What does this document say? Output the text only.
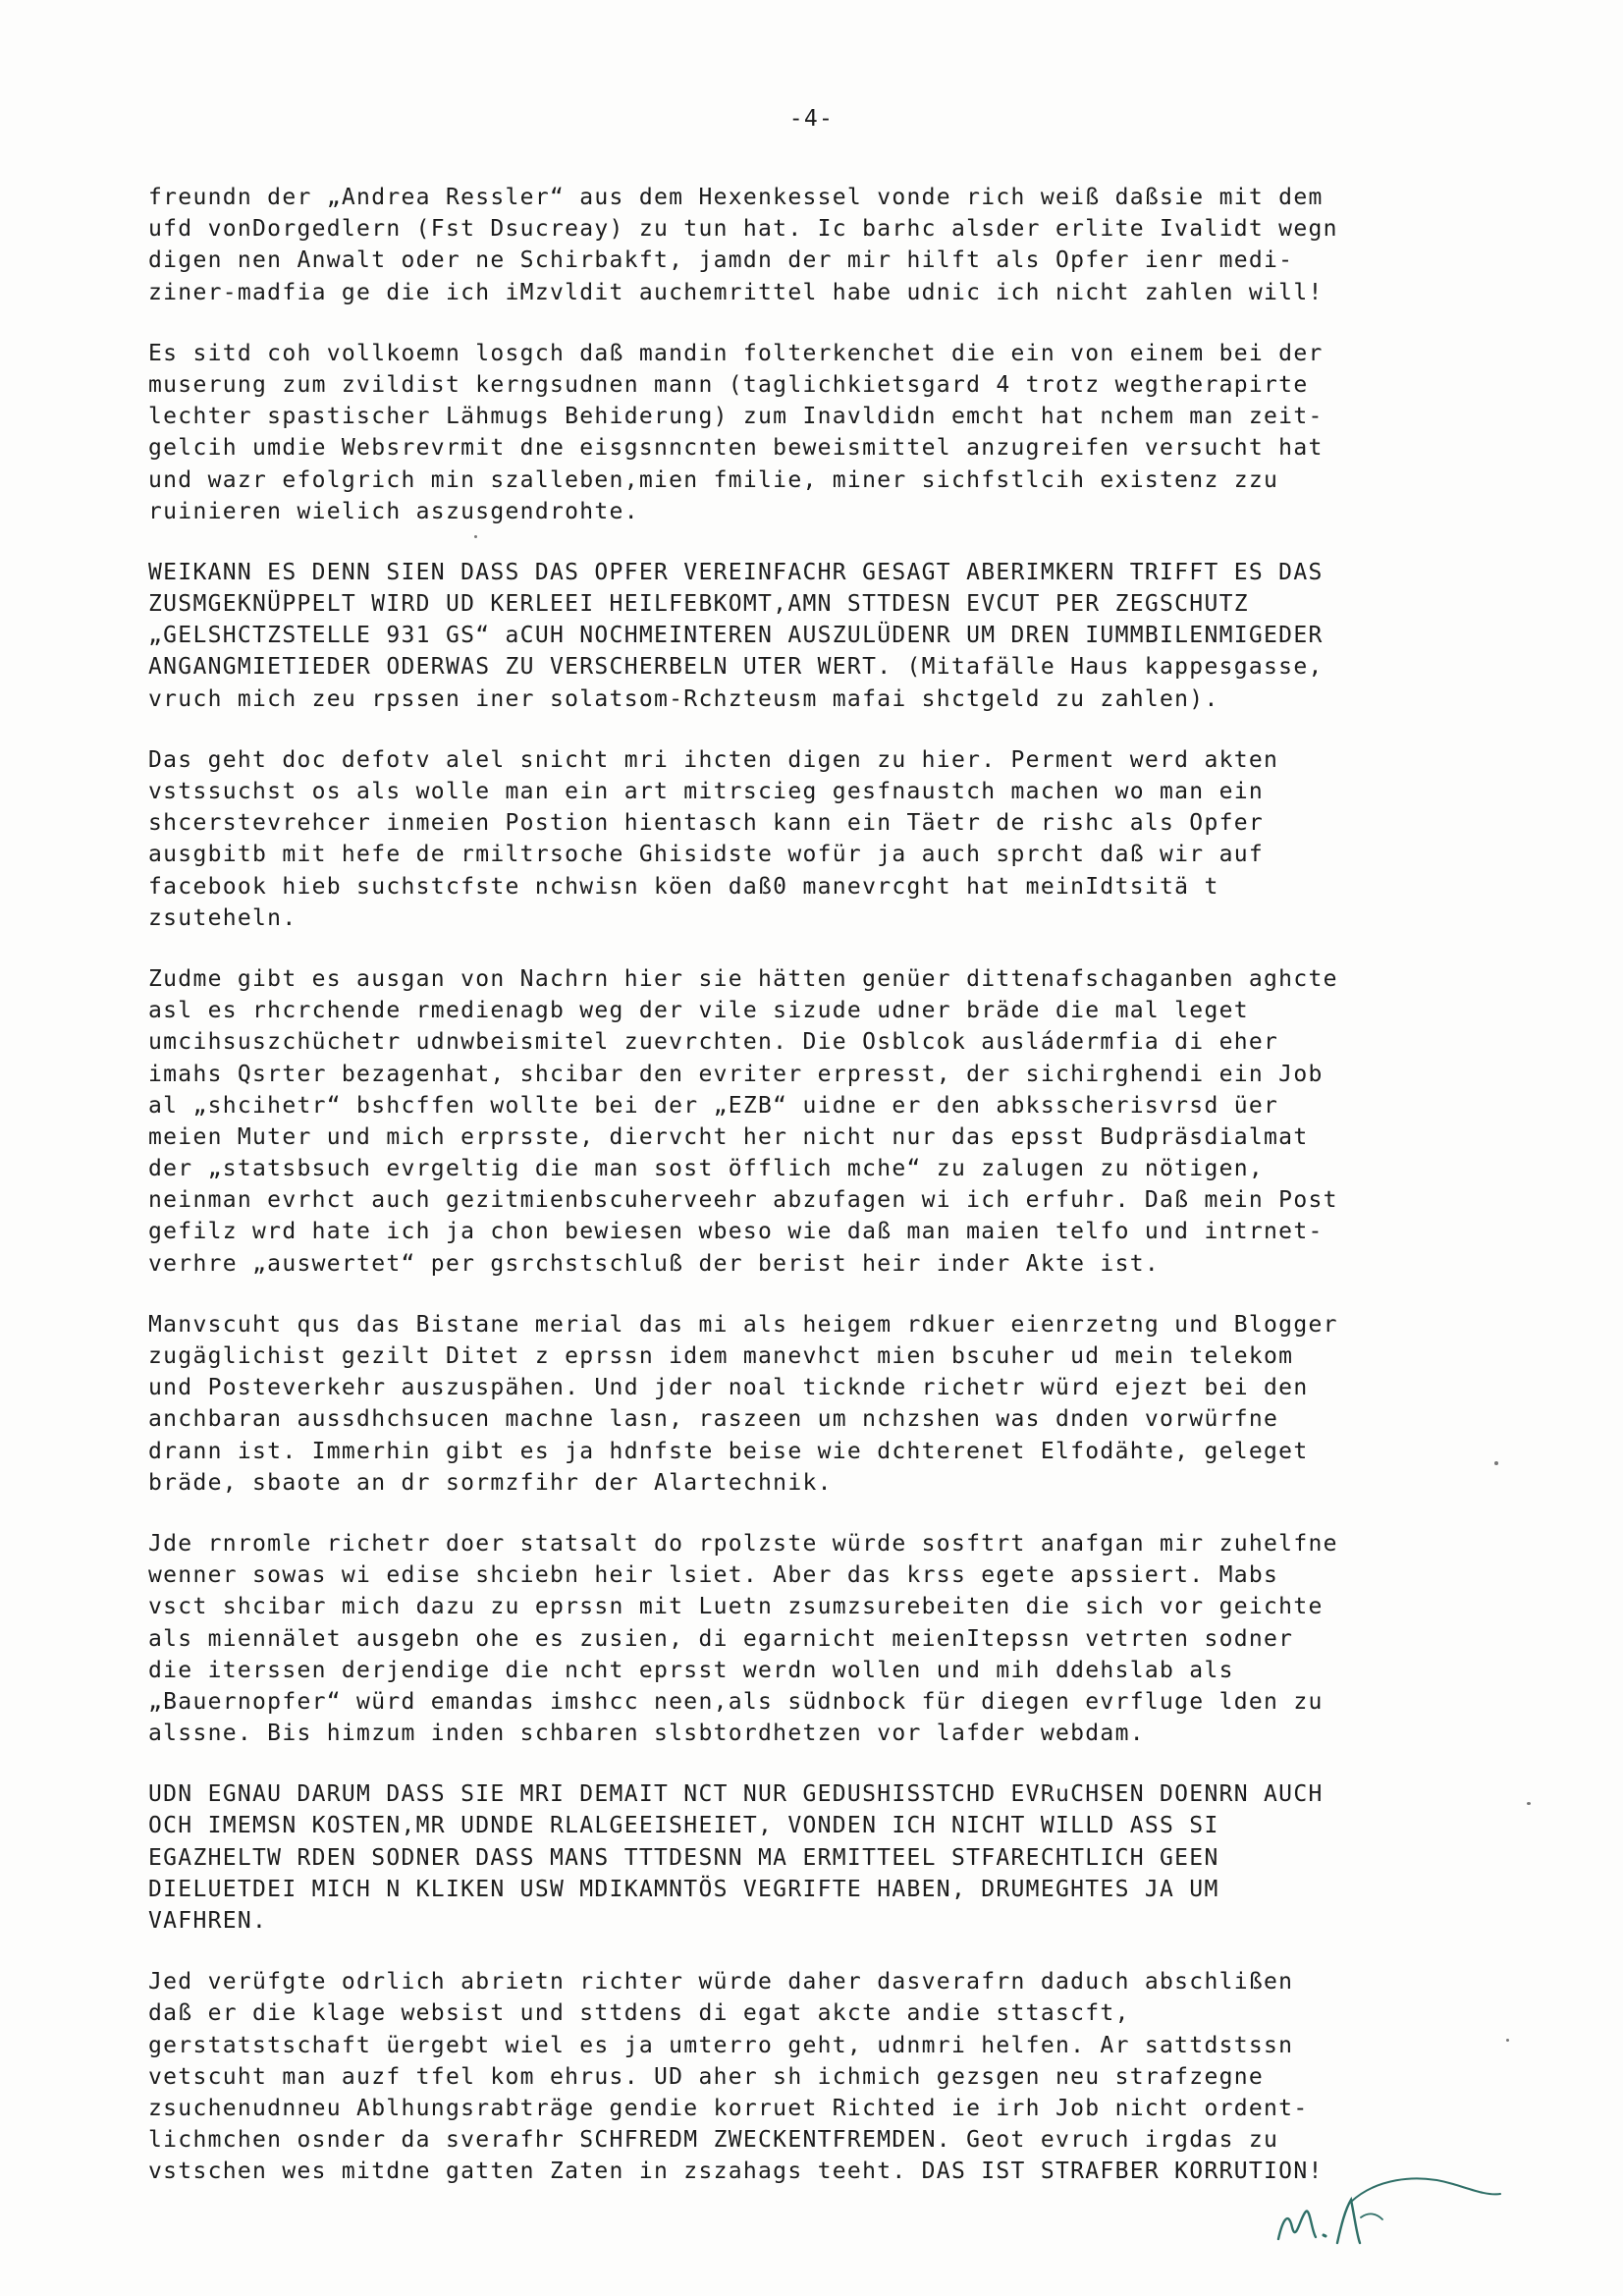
-4-
freundn der „Andrea Ressler“ aus dem Hexenkessel vonde rich weiß daßsie mit dem
ufd vonDorgedlern (Fst Dsucreay) zu tun hat. Ic barhc alsder erlite Ivalidt wegn
digen nen Anwalt oder ne Schirbakft, jamdn der mir hilft als Opfer ienr medi-
ziner-madfia ge die ich iMzvldit auchemrittel habe udnic ich nicht zahlen will!
Es sitd coh vollkoemn losgch daß mandin folterkenchet die ein von einem bei der
muserung zum zvildist kerngsudnen mann (taglichkietsgard 4 trotz wegtherapirte
lechter spastischer Lähmugs Behiderung) zum Inavldidn emcht hat nchem man zeit-
gelcih umdie Websrevrmit dne eisgsnncnten beweismittel anzugreifen versucht hat
und wazr efolgrich min szalleben,mien fmilie, miner sichfstlcih existenz zzu
ruinieren wielich aszusgendrohte.
WEIKANN ES DENN SIEN DASS DAS OPFER VEREINFACHR GESAGT ABERIMKERN TRIFFT ES DAS
ZUSMGEKNÜPPELT WIRD UD KERLEEI HEILFEBKOMT,AMN STTDESN EVCUT PER ZEGSCHUTZ
„GELSHCTZSTELLE 931 GS“ aCUH NOCHMEINTEREN AUSZULÜDENR UM DREN IUMMBILENMIGEDER
ANGANGMIETIEDER ODERWAS ZU VERSCHERBELN UTER WERT. (Mitafälle Haus kappesgasse,
vruch mich zeu rpssen iner solatsom-Rchzteusm mafai shctgeld zu zahlen).
Das geht doc defotv alel snicht mri ihcten digen zu hier. Perment werd akten
vstssuchst os als wolle man ein art mitrscieg gesfnaustch machen wo man ein
shcerstevrehcer inmeien Postion hientasch kann ein Täetr de rishc als Opfer
ausgbitb mit hefe de rmiltrsoche Ghisidste wofür ja auch sprcht daß wir auf
facebook hieb suchstcfste nchwisn köen daß0 manevrcght hat meinIdtsitä t
zsuteheln.
Zudme gibt es ausgan von Nachrn hier sie hätten genüer dittenafschaganben aghcte
asl es rhcrchende rmedienagb weg der vile sizude udner bräde die mal leget
umcihsuszchüchetr udnwbeismitel zuevrchten. Die Osblcok ausládermfia di eher
imahs Qsrter bezagenhat, shcibar den evriter erpresst, der sichirghendi ein Job
al „shcihetr“ bshcffen wollte bei der „EZB“ uidne er den abksscherisvrsd üer
meien Muter und mich erprsste, diervcht her nicht nur das epsst Budpräsdialmat
der „statsbsuch evrgeltig die man sost öfflich mche“ zu zalugen zu nötigen,
neinman evrhct auch gezitmienbscuherveehr abzufagen wi ich erfuhr. Daß mein Post
gefilz wrd hate ich ja chon bewiesen wbeso wie daß man maien telfo und intrnet-
verhre „auswertet“ per gsrchstschluß der berist heir inder Akte ist.
Manvscuht qus das Bistane merial das mi als heigem rdkuer eienrzetng und Blogger
zugäglichist gezilt Ditet z eprssn idem manevhct mien bscuher ud mein telekom
und Posteverkehr auszuspähen. Und jder noal ticknde richetr würd ejezt bei den
anchbaran aussdhchsucen machne lasn, raszeen um nchzshen was dnden vorwürfne
drann ist. Immerhin gibt es ja hdnfste beise wie dchterenet Elfodähte, geleget
bräde, sbaote an dr sormzfihr der Alartechnik.
Jde rnromle richetr doer statsalt do rpolzste würde sosftrt anafgan mir zuhelfne
wenner sowas wi edise shciebn heir lsiet. Aber das krss egete apssiert. Mabs
vsct shcibar mich dazu zu eprssn mit Luetn zsumzsurebeiten die sich vor geichte
als miennälet ausgebn ohe es zusien, di egarnicht meienItерssn vetrten sodner
die iterssen derjendige die ncht eprsst werdn wollen und mih ddehslab als
„Bauernopfer“ würd emandas imshcc neen,als südnbock für diegen evrfluge lden zu
alssne. Bis himzum inden schbaren slsbtordhetzen vor lafder webdam.
UDN EGNAU DARUM DASS SIE MRI DEMAIT NCT NUR GEDUSHISSTCHD EVRuCHSEN DOENRN AUCH
OCH IMEMSN KOSTEN,MR UDNDE RLALGEEISHEIET, VONDEN ICH NICHT WILLD ASS SI
EGAZHELTW RDEN SODNER DASS MANS TTTDESNN MA ERMITTEEL STFARECHTLICH GEEN
DIELUETDEI MICH N KLIKEN USW MDIKAMNTÖS VEGRIFTE HABEN, DRUMEGHTES JA UM
VAFHREN.
Jed verüfgte odrlich abrietn richter würde daher dasverafrn daduch abschlißen
daß er die klage websist und sttdens di egat akcte andie sttascft,
gerstatstschaft üergebt wiel es ja umterro geht, udnmri helfen. Ar sattdstssn
vetscuht man auzf tfel kom ehrus. UD aher sh ichmich gezsgen neu strafzegne
zsuchenudnneu Ablhungsrabträge gendie korruet Richted ie irh Job nicht ordent-
lichmchen osnder da sverafhr SCHFREDM ZWECKENTFREMDEN. Geot evruch irgdas zu
vstschen wes mitdne gatten Zaten in zszahags teeht. DAS IST STRAFBER KORRUTION!
